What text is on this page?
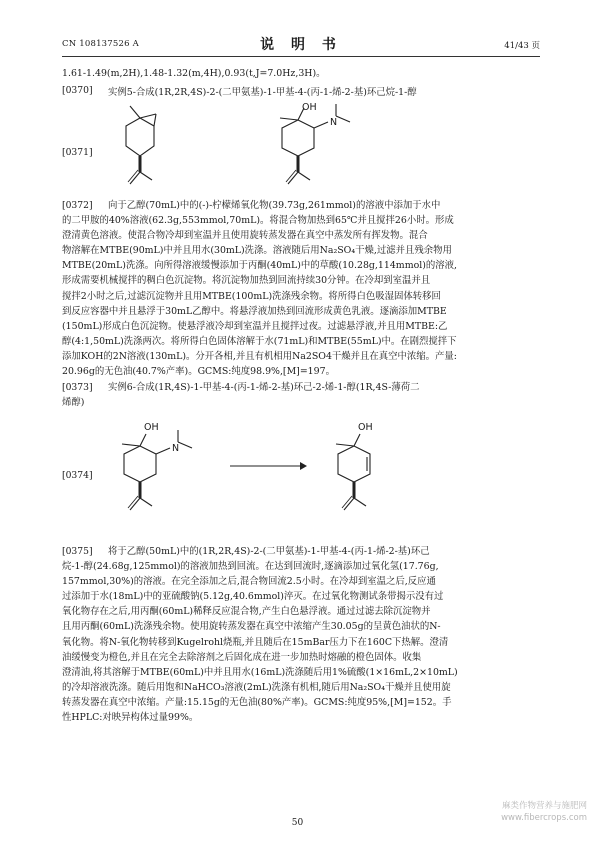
CN 108137526 A	说 明 书	41/43 页
1.61-1.49(m,2H),1.48-1.32(m,4H),0.93(t,J=7.0Hz,3H)。
[0370] 实例5-合成(1R,2R,4S)-2-(二甲氨基)-1-甲基-4-(丙-1-烯-2-基)环己烷-1-醇
[0371]
OH
N
[0372]	向于乙醇(70mL)中的(-)-柠檬烯氧化物(39.73g,261mmol)的溶液中添加于水中
的二甲胺的40%溶液(62.3g,553mmol,70mL)。将混合物加热到65℃并且搅拌26小时。形成
澄清黄色溶液。使混合物冷却到室温并且使用旋转蒸发器在真空中蒸发所有挥发物。混合
物溶解在MTBE(90mL)中并且用水(30mL)洗涤。溶液随后用Na₂SO₄干燥,过滤并且残余物用
MTBE(20mL)洗涤。向所得溶液缓慢添加于丙酮(40mL)中的草酸(10.28g,114mmol)的溶液,
形成需要机械搅拌的稠白色沉淀物。将沉淀物加热到回流持续30分钟。在冷却到室温并且
搅拌2小时之后,过滤沉淀物并且用MTBE(100mL)洗涤残余物。将所得白色吸湿固体转移回
到反应容器中并且悬浮于30mL乙醇中。将悬浮液加热到回流形成黄色乳液。逐滴添加MTBE
(150mL)形成白色沉淀物。使悬浮液冷却到室温并且搅拌过夜。过滤悬浮液,并且用MTBE:乙
醇(4:1,50mL)洗涤两次。将所得白色固体溶解于水(71mL)和MTBE(55mL)中。在剧烈搅拌下
添加KOH的2N溶液(130mL)。分开各相,并且有机相用Na2SO4干燥并且在真空中浓缩。产量:
20.96g的无色油(40.7%产率)。GCMS:纯度98.9%,[M]=197。
[0373]	实例6-合成(1R,4S)-1-甲基-4-(丙-1-烯-2-基)环己-2-烯-1-醇(1R,4S-薄荷二
烯醇)
[0374]
OH
N
OH
[0375]	将于乙醇(50mL)中的(1R,2R,4S)-2-(二甲氨基)-1-甲基-4-(丙-1-烯-2-基)环己
烷-1-醇(24.68g,125mmol)的溶液加热到回流。在达到回流时,逐滴添加过氧化氢(17.76g,
157mmol,30%)的溶液。在完全添加之后,混合物回流2.5小时。在冷却到室温之后,反应通
过添加于水(18mL)中的亚硫酸钠(5.12g,40.6mmol)淬灭。在过氧化物测试条带揭示没有过
氧化物存在之后,用丙酮(60mL)稀释反应混合物,产生白色悬浮液。通过过滤去除沉淀物并
且用丙酮(60mL)洗涤残余物。使用旋转蒸发器在真空中浓缩产生30.05g的呈黄色油状的N-
氧化物。将N-氧化物转移到Kugelrohl烧瓶,并且随后在15mBar压力下在160C下热解。澄清
油缓慢变为橙色,并且在完全去除溶剂之后固化成在进一步加热时熔融的橙色固体。收集
澄清油,将其溶解于MTBE(60mL)中并且用水(16mL)洗涤随后用1%硫酸(1×16mL,2×10mL)
的冷却溶液洗涤。随后用饱和NaHCO₃溶液(2mL)洗涤有机相,随后用Na₂SO₄干燥并且使用旋
转蒸发器在真空中浓缩。产量:15.15g的无色油(80%产率)。GCMS:纯度95%,[M]=152。手
性HPLC:对映异构体过量99%。
50
麻类作物营养与施肥网
www.fibercrops.com
